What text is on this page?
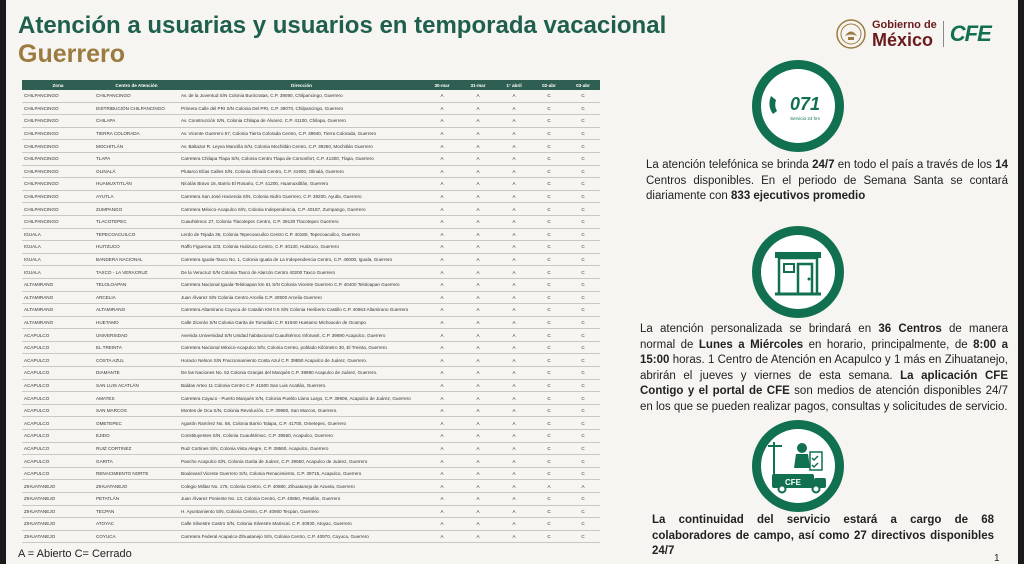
Atención a usuarias y usuarios en temporada vacacional
Guerrero
Gobierno de
México CFE
Zona	Centro de Atención	Dirección	30-mar	31-mar	1° abril	02-abr	03-abr
CHILPANCINGO	CHILPANCINGO	Av. de la Juventud S/N Colonia Burócratas, C.P. 39090, Chilpancingo, Guerrero	A	A	A	C	C
CHILPANCINGO	DISTRIBUCIÓN CHILPANCINGO	Primera Calle del PRI S/N Colonia Del PRI, C.P. 39070, Chilpancingo, Guerrero	A	A	A	C	C
CHILPANCINGO	CHILAPA	Av. Construcción S/N, Colonia Chilapa de Álvarez, C.P. 41100, Chilapa, Guerrero	A	A	A	C	C
CHILPANCINGO	TIERRA COLORADA	Av. Vicente Guerrero 57, Colonia Tierra Colorada Centro, C.P. 39940, Tierra Colorada, Guerrero	A	A	A	C	C
CHILPANCINGO	MOCHITLÁN	Av. Baltazar R. Leyva Mancilla S/N, Colonia Mochitlán Centro, C.P. 39250, Mochitlán Guerrero	A	A	A	C	C
CHILPANCINGO	TLAPA	Carretera Chilapa Tlapa S/N, Colonia Centro Tlapa de Comonfort, C.P. 41300, Tlapa, Guerrero	A	A	A	C	C
CHILPANCINGO	OLINALÁ	Plutarco Elías Calles S/N, Colonia Olinalá Centro, C.P. 41900, Olinalá, Guerrero	A	A	A	C	C
CHILPANCINGO	HUAMUXTITLÁN	Nicolás Bravo 16, Barrio El Rosario, C.P. 41200, Huamuxtitlán, Guerrero	A	A	A	C	C
CHILPANCINGO	AYUTLA	Carretera San José Hacienda S/N, Colonia Isidro Guerrero, C.P. 39200, Ayutla, Guerrero	A	A	A	C	C
CHILPANCINGO	ZUMPANGO	Carretera México-Acapulco S/N, Colonia Independencia, C.P. 40187, Zumpango, Guerrero	A	A	A	C	C
CHILPANCINGO	TLACOTEPEC	Cuauhtémoc 27, Colonia Tlacotepec Centro, C.P. 39130 Tlacotepec Guerrero	A	A	A	C	C
IGUALA	TEPECOACUILCO	Lerdo de Tejada 36, Colonia Tepecoacuilco Centro C.P. 40180, Tepecoacuilco, Guerrero	A	A	A	C	C
IGUALA	HUITZUCO	Raffo Figueroa 103, Colonia Huitzuco Centro, C.P. 40130, Huitzuco, Guerrero	A	A	A	C	C
IGUALA	BANDERA NACIONAL	Carretera Iguala-Taxco No. 1, Colonia Iguala de La Independencia Centro, C.P. 40000, Iguala, Guerrero	A	A	A	C	C
IGUALA	TAXCO - LA VERACRUZ	De la Veracruz S/N Colonia Taxco de Alarcón Centro 40200 Taxco Guerrero	A	A	A	C	C
ALTAMIRANO	TELOLOAPAN	Carretera Nacional Iguala-Teloloapan km 61 S/N Colonia Vicente Guerrero C.P. 40400 Teloloapan Guerrero	A	A	A	C	C
ALTAMIRANO	ARCELIA	Juan Álvarez S/N Colonia Centro Arcelia C.P. 40500 Arcelia Guerrero	A	A	A	C	C
ALTAMIRANO	ALTAMIRANO	Carretera Altamirano Coyuca de Catalán KM 0.5 S/N Colonia Heriberto Castillo C.P. 40663 Altamirano Guerrero	A	A	A	C	C
ALTAMIRANO	HUETAMO	Calle Zicorán S/N Colonia Garita de Tomatlán C.P. 61940 Huetamo Michoacán de Ocampo	A	A	A	C	C
ACAPULCO	UNIVERSIDAD	Avenida Universidad S/N Unidad habitacional Cuauhtémoc Infonavit, C.P. 39690 Acapulco, Guerrero	A	A	A	C	C
ACAPULCO	EL TREINTA	Carretera Nacional México-Acapulco S/N, Colonia Centro, poblado Kilómetro 30, El Treinta, Guerrero	A	A	A	C	C
ACAPULCO	COSTA AZUL	Horacio Nelson S/N Fraccionamiento Costa Azul C.P. 39850 Acapulco de Juárez, Guerrero.	A	A	A	C	C
ACAPULCO	DIAMANTE	De las Naciones No. 52 Colonia Granjas del Marqués C.P. 39890 Acapulco de Juárez, Guerrero.	A	A	A	C	C
ACAPULCO	SAN LUIS ACATLÁN	Baldas Arteo 11 Colonia Centro C.P. 41600 San Luis Acatlán, Guerrero.	A	A	A	C	C
ACAPULCO	AMATES	Carretera Cayaco - Puerto Marqués S/N, Colonia Pueblo Llano Largo, C.P. 39906, Acapulco de Juárez, Guerrero	A	A	A	C	C
ACAPULCO	SAN MARCOS	Montes de Oca S/N, Colonia Revolución, C.P. 39980, San Marcos, Guerrero.	A	A	A	C	C
ACAPULCO	OMETEPEC	Agustín Ramírez No. 56, Colonia Barrio Talapa, C.P. 41700, Ometepec, Guerrero	A	A	A	C	C
ACAPULCO	EJIDO	Constituyentes S/N, Colonia Cuauhtémoc, C.P. 39550, Acapulco, Guerrero	A	A	A	C	C
ACAPULCO	RUIZ CORTINEZ	Ruiz Cortines S/N, Colonia Vista Alegre, C.P. 39560, Acapulco, Guerrero	A	A	A	C	C
ACAPULCO	GARITA	Pancho Acapulco S/N, Colonia Garita de Juárez, C.P. 39650, Acapulco de Juárez, Guerrero	A	A	A	C	C
ACAPULCO	RENACIMIENTO NORTE	Boulevard Vicente Guerrero S/N, Colonia Renacimiento, C.P. 39715, Acapulco, Guerrero	A	A	A	C	C
ZIHUATANEJO	ZIHUATANEJO	Colegio Militar No. 175, Colonia Centro, C.P. 40880, Zihuatanejo de Azueta, Guerrero	A	A	A	A	A
ZIHUATANEJO	PETATLÁN	Juan Álvarez Poniente No. 13, Colonia Centro, C.P. 40850, Petatlán, Guerrero	A	A	A	C	C
ZIHUATANEJO	TECPAN	H. Ayuntamiento S/N, Colonia Centro, C.P. 40900 Tecpan, Guerrero	A	A	A	C	C
ZIHUATANEJO	ATOYAC	Calle Silvestre Castro S/N, Colonia Silvestre Mariscal, C.P. 40930, Atoyac, Guerrero	A	A	A	C	C
ZIHUATANEJO	COYUCA	Carretera Federal Acapulco-Zihuatanejo S/N, Colonia Centro, C.P. 40970, Coyuca, Guerrero	A	A	A	C	C
A = Abierto C= Cerrado
071
Servicio 24 hrs
CFE
La atención telefónica se brinda 24/7 en todo el país a través de los 14 Centros disponibles. En el periodo de Semana Santa se contará diariamente con 833 ejecutivos promedio
La atención personalizada se brindará en 36 Centros de manera normal de Lunes a Miércoles en horario, principalmente, de 8:00 a 15:00 horas. 1 Centro de Atención en Acapulco y 1 más en Zihuatanejo, abrirán el jueves y viernes de esta semana. La aplicación CFE Contigo y el portal de CFE son medios de atención disponibles 24/7 en los que se pueden realizar pagos, consultas y solicitudes de servicio.
La continuidad del servicio estará a cargo de 68 colaboradores de campo, así como 27 directivos disponibles 24/7
1
